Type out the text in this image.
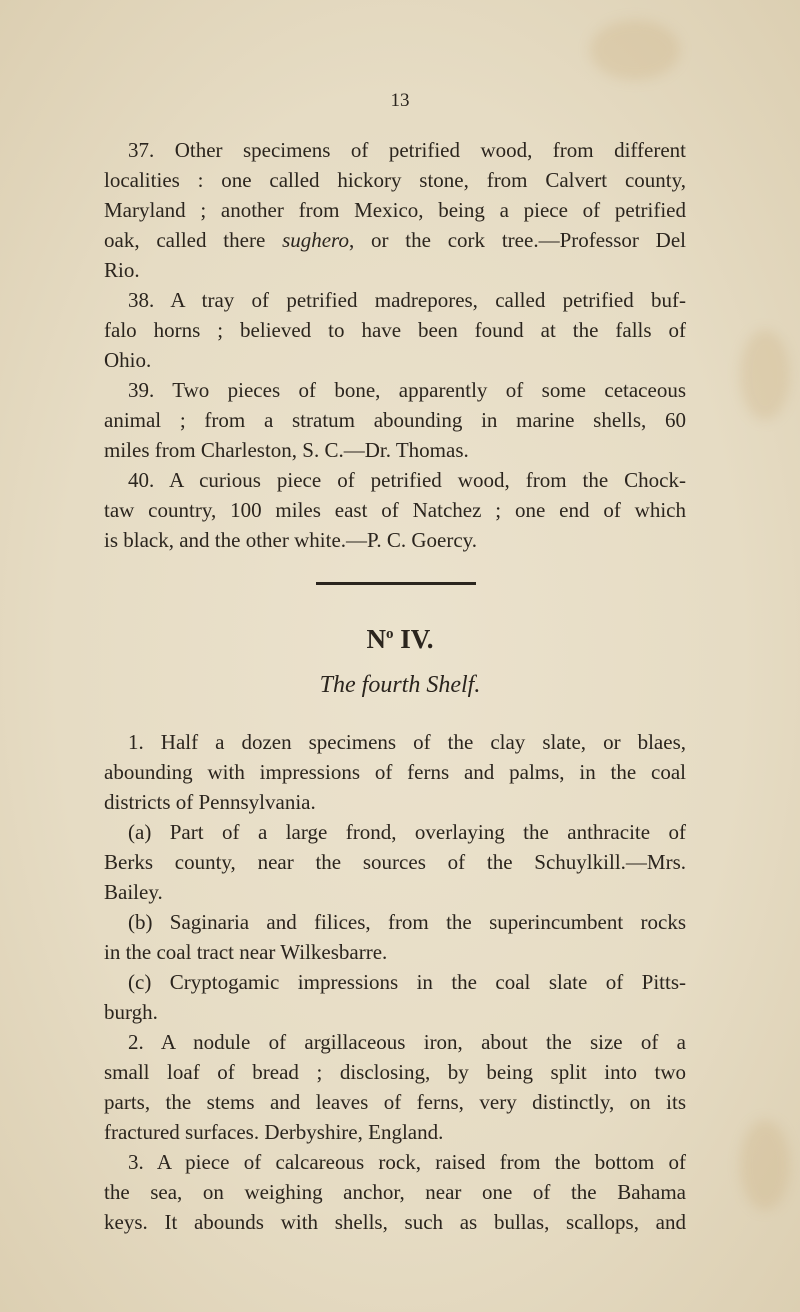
13
37. Other specimens of petrified wood, from different
localities : one called hickory stone, from Calvert county,
Maryland ; another from Mexico, being a piece of petrified
oak, called there sughero, or the cork tree.—Professor Del
Rio.
38. A tray of petrified madrepores, called petrified buf-
falo horns ; believed to have been found at the falls of
Ohio.
39. Two pieces of bone, apparently of some cetaceous
animal ; from a stratum abounding in marine shells, 60
miles from Charleston, S. C.—Dr. Thomas.
40. A curious piece of petrified wood, from the Chock-
taw country, 100 miles east of Natchez ; one end of which
is black, and the other white.—P. C. Goercy.
$N^o$ IV.
The fourth Shelf.
1. Half a dozen specimens of the clay slate, or blaes,
abounding with impressions of ferns and palms, in the coal
districts of Pennsylvania.
(a) Part of a large frond, overlaying the anthracite of
Berks county, near the sources of the Schuylkill.—Mrs.
Bailey.
(b) Saginaria and filices, from the superincumbent rocks
in the coal tract near Wilkesbarre.
(c) Cryptogamic impressions in the coal slate of Pitts-
burgh.
2. A nodule of argillaceous iron, about the size of a
small loaf of bread ; disclosing, by being split into two
parts, the stems and leaves of ferns, very distinctly, on its
fractured surfaces. Derbyshire, England.
3. A piece of calcareous rock, raised from the bottom of
the sea, on weighing anchor, near one of the Bahama
keys. It abounds with shells, such as bullas, scallops, and
